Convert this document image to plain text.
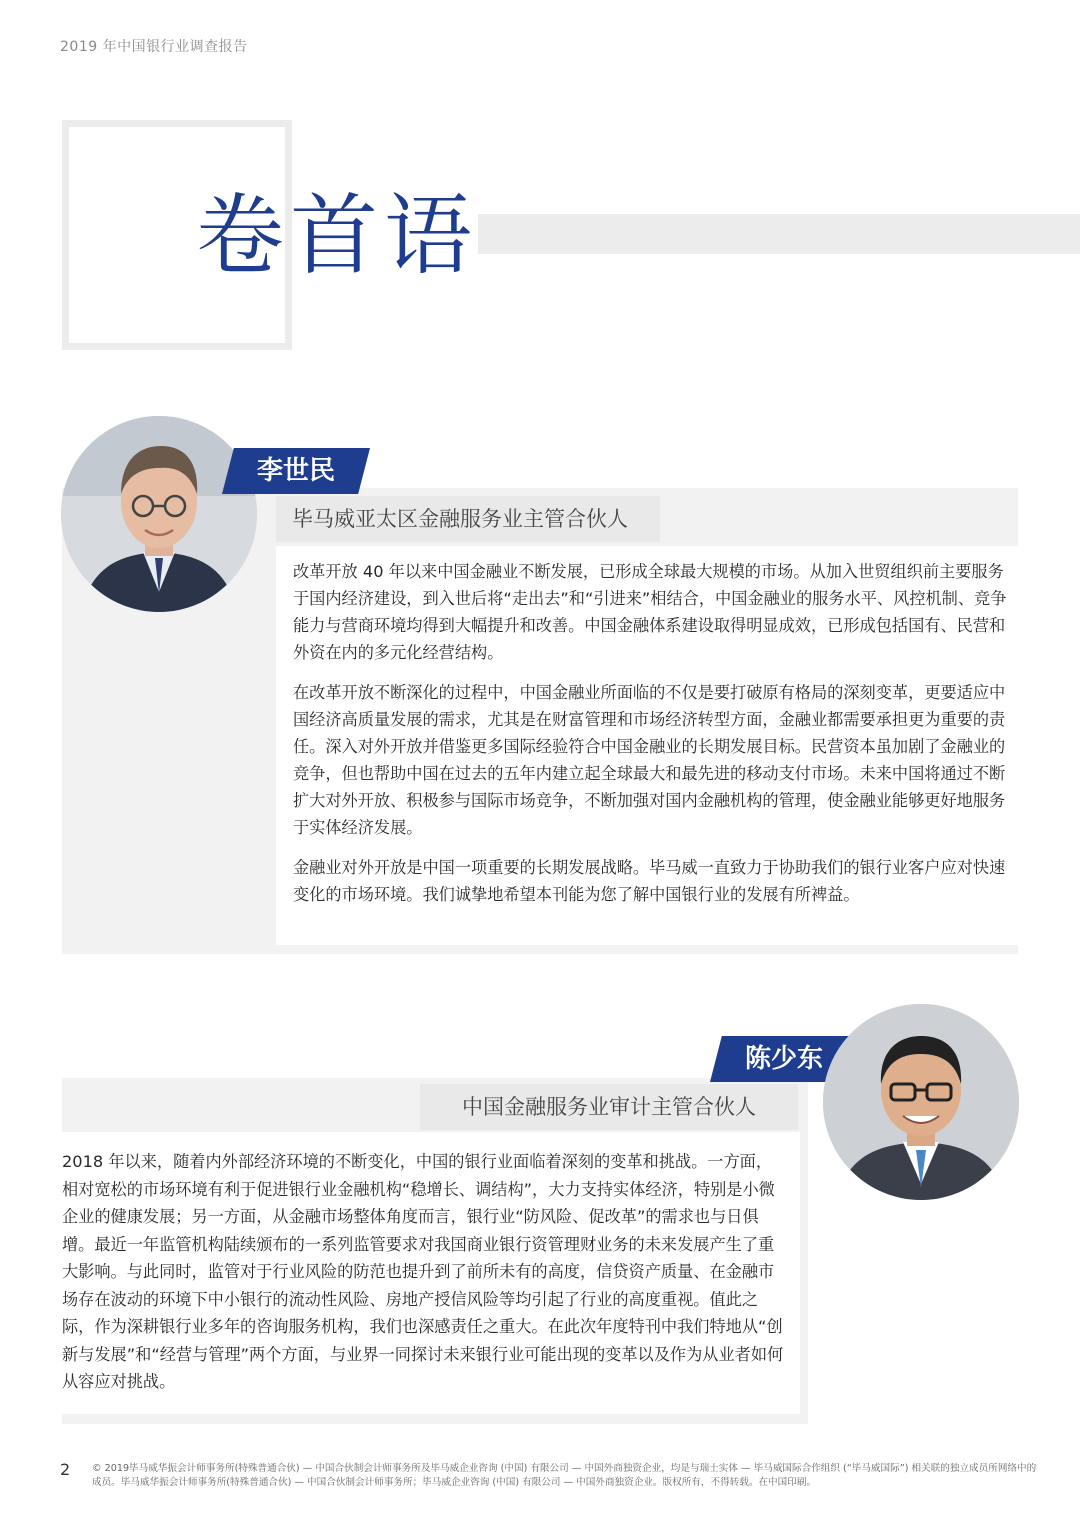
2019 年中国银行业调查报告
卷首语
毕马威亚太区金融服务业主管合伙人
李世民

改革开放 40 年以来中国金融业不断发展，已形成全球最大规模的市场。从加入世贸组织前主要服务于国内经济建设，到入世后将“走出去”和“引进来”相结合，中国金融业的服务水平、风控机制、竞争能力与营商环境均得到大幅提升和改善。中国金融体系建设取得明显成效，已形成包括国有、民营和外资在内的多元化经营结构。

在改革开放不断深化的过程中，中国金融业所面临的不仅是要打破原有格局的深刻变革，更要适应中国经济高质量发展的需求，尤其是在财富管理和市场经济转型方面，金融业都需要承担更为重要的责任。深入对外开放并借鉴更多国际经验符合中国金融业的长期发展目标。民营资本虽加剧了金融业的竞争，但也帮助中国在过去的五年内建立起全球最大和最先进的移动支付市场。未来中国将通过不断扩大对外开放、积极参与国际市场竞争，不断加强对国内金融机构的管理，使金融业能够更好地服务于实体经济发展。

金融业对外开放是中国一项重要的长期发展战略。毕马威一直致力于协助我们的银行业客户应对快速变化的市场环境。我们诚挚地希望本刊能为您了解中国银行业的发展有所裨益。

中国金融服务业审计主管合伙人
陈少东

2018 年以来，随着内外部经济环境的不断变化，中国的银行业面临着深刻的变革和挑战。一方面，相对宽松的市场环境有利于促进银行业金融机构“稳增长、调结构”，大力支持实体经济，特别是小微企业的健康发展；另一方面，从金融市场整体角度而言，银行业“防风险、促改革”的需求也与日俱增。最近一年监管机构陆续颁布的一系列监管要求对我国商业银行资管理财业务的未来发展产生了重大影响。与此同时，监管对于行业风险的防范也提升到了前所未有的高度，信贷资产质量、在金融市场存在波动的环境下中小银行的流动性风险、房地产授信风险等均引起了行业的高度重视。值此之际，作为深耕银行业多年的咨询服务机构，我们也深感责任之重大。在此次年度特刊中我们特地从“创新与发展”和“经营与管理”两个方面，与业界一同探讨未来银行业可能出现的变革以及作为从业者如何从容应对挑战。

2 © 2019毕马威华振会计师事务所(特殊普通合伙) — 中国合伙制会计师事务所及毕马威企业咨询 (中国) 有限公司 — 中国外商独资企业，均是与瑞士实体 — 毕马威国际合作组织 (“毕马威国际”) 相关联的独立成员所网络中的成员。毕马威华振会计师事务所(特殊普通合伙) — 中国合伙制会计师事务所；毕马威企业咨询 (中国) 有限公司 — 中国外商独资企业。版权所有，不得转载。在中国印刷。
